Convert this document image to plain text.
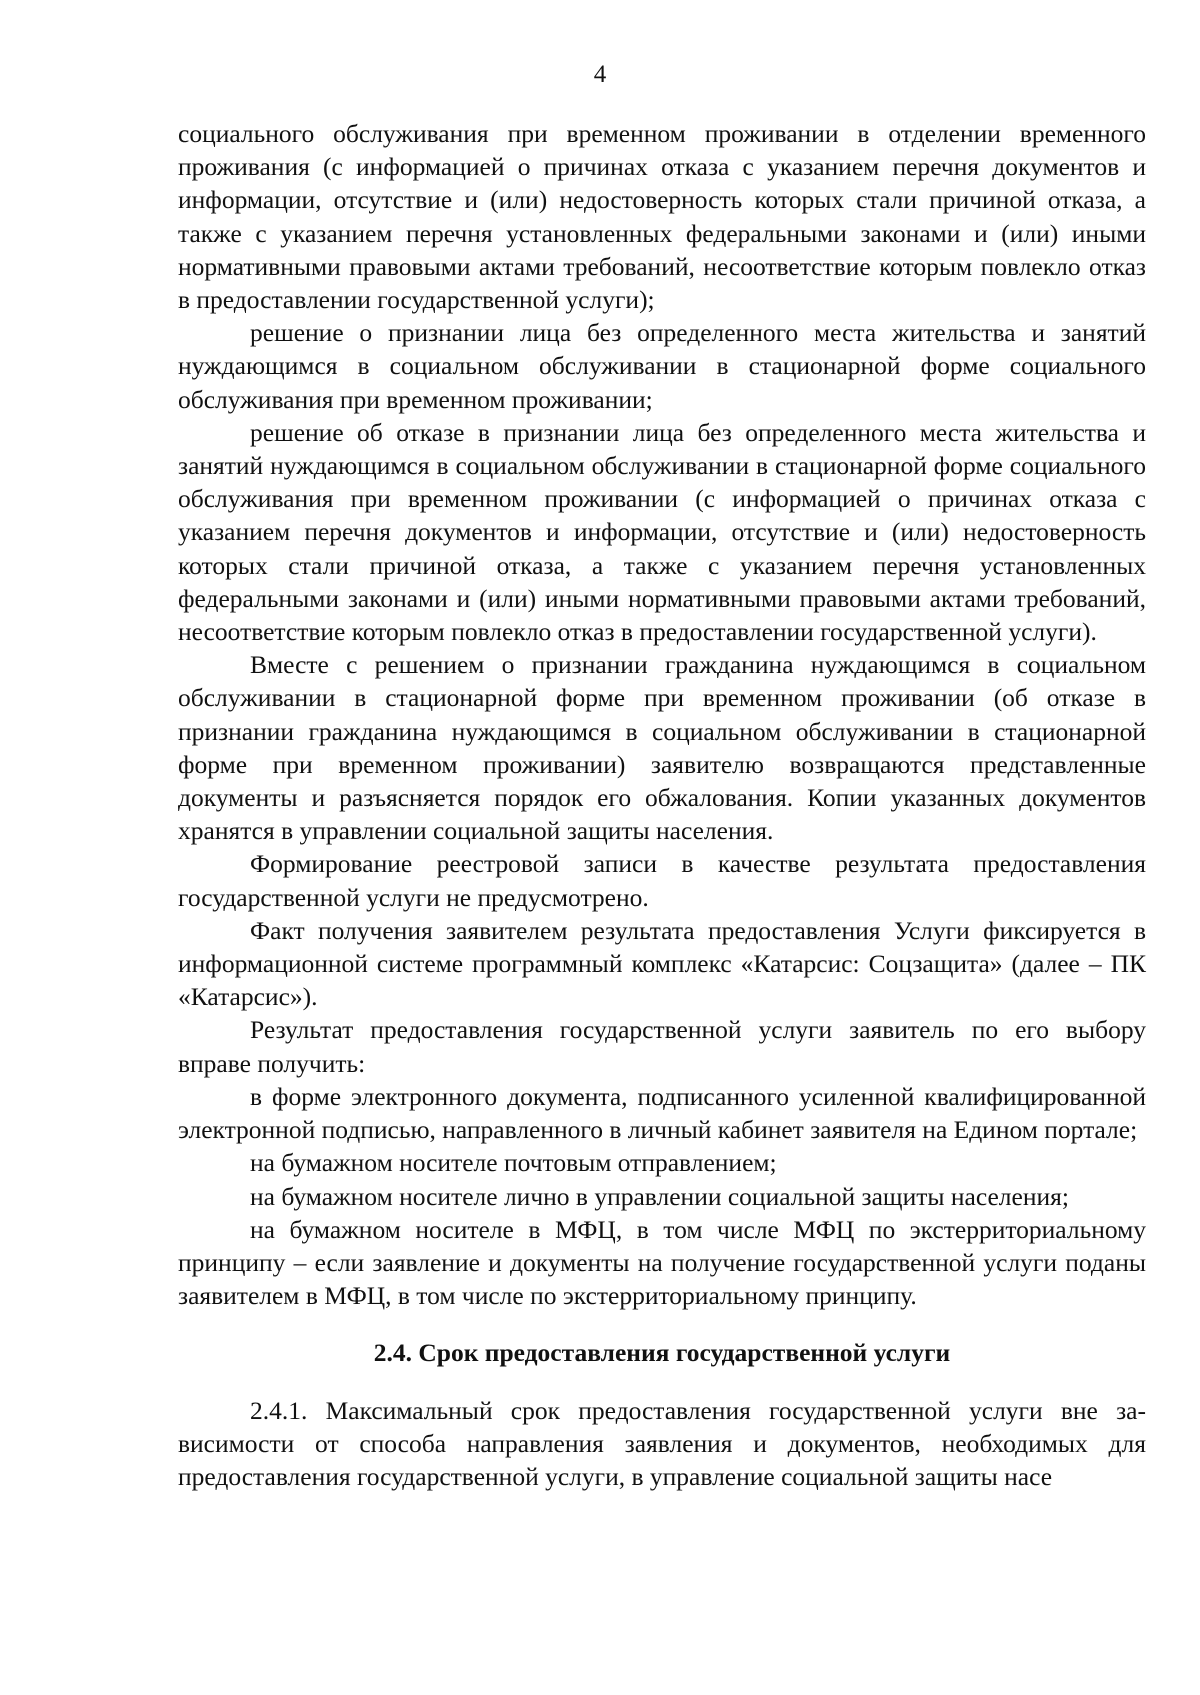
4

социального обслуживания при временном проживании в отделении временного проживания (с информацией о причинах отказа с указанием перечня документов и информации, отсутствие и (или) недостоверность которых стали причиной отказа, а также с указанием перечня установленных федеральными законами и (или) иными нормативными правовыми актами требований, несоответствие которым повлекло отказ в предоставлении государственной услуги);

решение о признании лица без определенного места жительства и занятий нуждающимся в социальном обслуживании в стационарной форме социального обслуживания при временном проживании;

решение об отказе в признании лица без определенного места жительства и занятий нуждающимся в социальном обслуживании в стационарной форме социального обслуживания при временном проживании (с информацией о причинах отказа с указанием перечня документов и информации, отсутствие и (или) недостоверность которых стали причиной отказа, а также с указанием перечня установленных федеральными законами и (или) иными нормативными правовыми актами требований, несоответствие которым повлекло отказ в предоставлении государственной услуги).

Вместе с решением о признании гражданина нуждающимся в социальном обслуживании в стационарной форме при временном проживании (об отказе в признании гражданина нуждающимся в социальном обслуживании в стационарной форме при временном проживании) заявителю возвращаются представленные документы и разъясняется порядок его обжалования. Копии указанных документов хранятся в управлении социальной защиты населения.

Формирование реестровой записи в качестве результата предоставления государственной услуги не предусмотрено.

Факт получения заявителем результата предоставления Услуги фиксируется в информационной системе программный комплекс «Катарсис: Соцзащита» (далее – ПК «Катарсис»).

Результат предоставления государственной услуги заявитель по его выбору вправе получить:

в форме электронного документа, подписанного усиленной квалифицированной электронной подписью, направленного в личный кабинет заявителя на Едином портале;

на бумажном носителе почтовым отправлением;

на бумажном носителе лично в управлении социальной защиты населения;

на бумажном носителе в МФЦ, в том числе МФЦ по экстерриториальному принципу – если заявление и документы на получение государственной услуги поданы заявителем в МФЦ, в том числе по экстерриториальному принципу.

2.4. Срок предоставления государственной услуги

2.4.1. Максимальный срок предоставления государственной услуги вне зависимости от способа направления заявления и документов, необходимых для предоставления государственной услуги, в управление социальной защиты насе
